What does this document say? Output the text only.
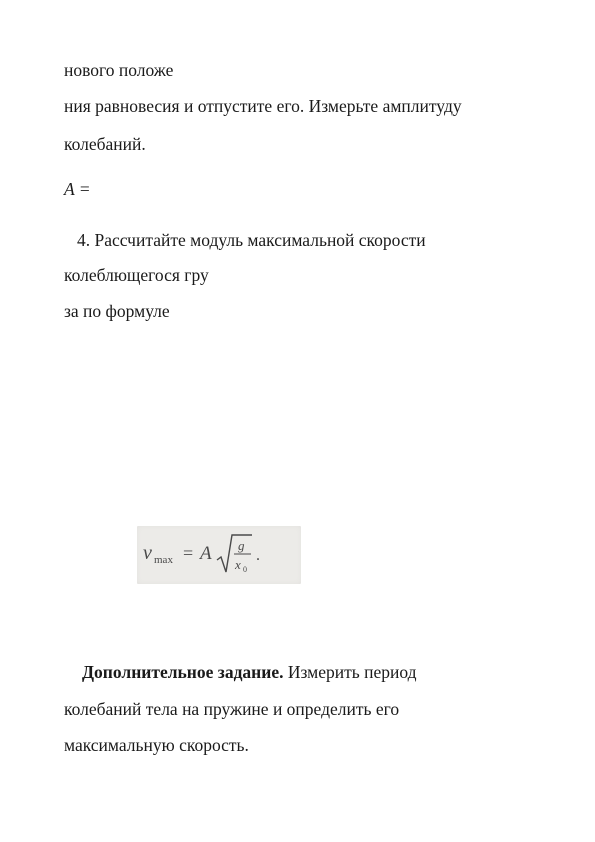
нового положе
ния равновесия и отпустите его. Измерьте амплитуду
колебаний.
A =
4. Рассчитайте модуль максимальной скорости
колеблющегося гру
за по формуле
v max = A g
x 0
.
Дополнительное задание. Измерить период
колебаний тела на пружине и определить его
максимальную скорость.
